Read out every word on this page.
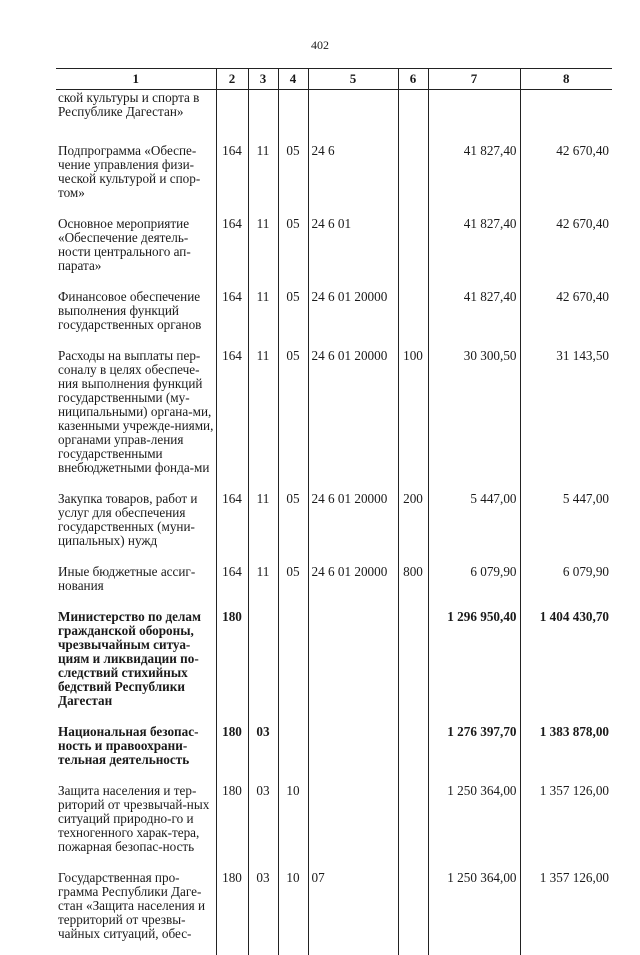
402
1	2	3	4	5	6	7	8
ской культуры и спорта в Республике Дагестан»							
Подпрограмма «Обеспе-чение управления физи-ческой культурой и спор-том»	164	11	05	24 6		41 827,40	42 670,40
Основное мероприятие «Обеспечение деятель-ности центрального ап-парата»	164	11	05	24 6 01		41 827,40	42 670,40
Финансовое обеспечение выполнения функций государственных органов	164	11	05	24 6 01 20000		41 827,40	42 670,40
Расходы на выплаты пер-соналу в целях обеспече-ния выполнения функций государственными (му-ниципальными) органа-ми, казенными учрежде-ниями, органами управ-ления государственными внебюджетными фонда-ми	164	11	05	24 6 01 20000	100	30 300,50	31 143,50
Закупка товаров, работ и услуг для обеспечения государственных (муни-ципальных) нужд	164	11	05	24 6 01 20000	200	5 447,00	5 447,00
Иные бюджетные ассиг-нования	164	11	05	24 6 01 20000	800	6 079,90	6 079,90
Министерство по делам гражданской обороны, чрезвычайным ситуа-циям и ликвидации по-следствий стихийных бедствий Республики Дагестан	180					1 296 950,40	1 404 430,70
Национальная безопас-ность и правоохрани-тельная деятельность	180	03				1 276 397,70	1 383 878,00
Защита населения и тер-риторий от чрезвычай-ных ситуаций природно-го и техногенного харак-тера, пожарная безопас-ность	180	03	10			1 250 364,00	1 357 126,00
Государственная про-грамма Республики Даге-стан «Защита населения и территорий от чрезвы-чайных ситуаций, обес-	180	03	10	07		1 250 364,00	1 357 126,00
